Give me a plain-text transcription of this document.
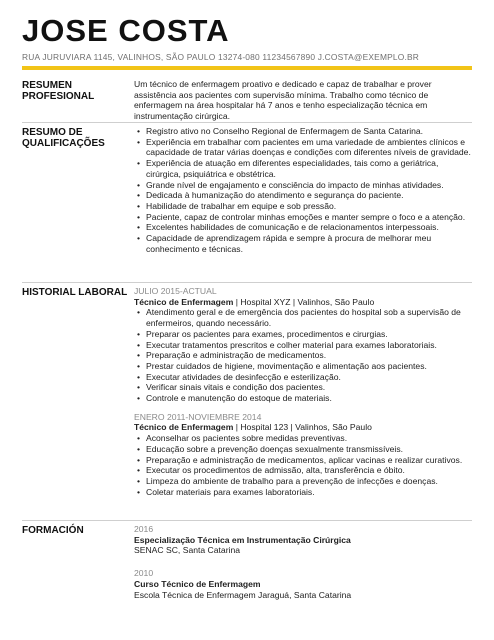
JOSE COSTA
RUA JURUVIARA 1145, VALINHOS, SÃO PAULO 13274-080 11234567890 J.COSTA@EXEMPLO.BR
RESUMEN
PROFESIONAL
Um técnico de enfermagem proativo e dedicado e capaz de trabalhar e prover assistência aos pacientes com supervisão mínima. Trabalho como técnico de enfermagem na área hospitalar há 7 anos e tenho especialização técnica em instrumentação cirúrgica.
RESUMO DE
QUALIFICAÇÕES
• Registro ativo no Conselho Regional de Enfermagem de Santa Catarina.
• Experiência em trabalhar com pacientes em uma variedade de ambientes clínicos e capacidade de tratar várias doenças e condições com diferentes níveis de gravidade.
• Experiência de atuação em diferentes especialidades, tais como a geriátrica, cirúrgica, psiquiátrica e obstétrica.
• Grande nível de engajamento e consciência do impacto de minhas atividades.
• Dedicada à humanização do atendimento e segurança do paciente.
• Habilidade de trabalhar em equipe e sob pressão.
• Paciente, capaz de controlar minhas emoções e manter sempre o foco e a atenção.
• Excelentes habilidades de comunicação e de relacionamentos interpessoais.
• Capacidade de aprendizagem rápida e sempre à procura de melhorar meu conhecimento e técnicas.
HISTORIAL LABORAL JULIO 2015-ACTUAL
Técnico de Enfermagem | Hospital XYZ | Valinhos, São Paulo
• Atendimento geral e de emergência dos pacientes do hospital sob a supervisão de enfermeiros, quando necessário.
• Preparar os pacientes para exames, procedimentos e cirurgias.
• Executar tratamentos prescritos e colher material para exames laboratoriais.
• Preparação e administração de medicamentos.
• Prestar cuidados de higiene, movimentação e alimentação aos pacientes.
• Executar atividades de desinfecção e esterilização.
• Verificar sinais vitais e condição dos pacientes.
• Controle e manutenção do estoque de materiais.
ENERO 2011-NOVIEMBRE 2014
Técnico de Enfermagem | Hospital 123 | Valinhos, São Paulo
• Aconselhar os pacientes sobre medidas preventivas.
• Educação sobre a prevenção doenças sexualmente transmissíveis.
• Preparação e administração de medicamentos, aplicar vacinas e realizar curativos.
• Executar os procedimentos de admissão, alta, transferência e óbito.
• Limpeza do ambiente de trabalho para a prevenção de infecções e doenças.
• Coletar materiais para exames laboratoriais.
FORMACIÓN	2016
Especialização Técnica em Instrumentação Cirúrgica
SENAC SC, Santa Catarina
2010
Curso Técnico de Enfermagem
Escola Técnica de Enfermagem Jaraguá, Santa Catarina
